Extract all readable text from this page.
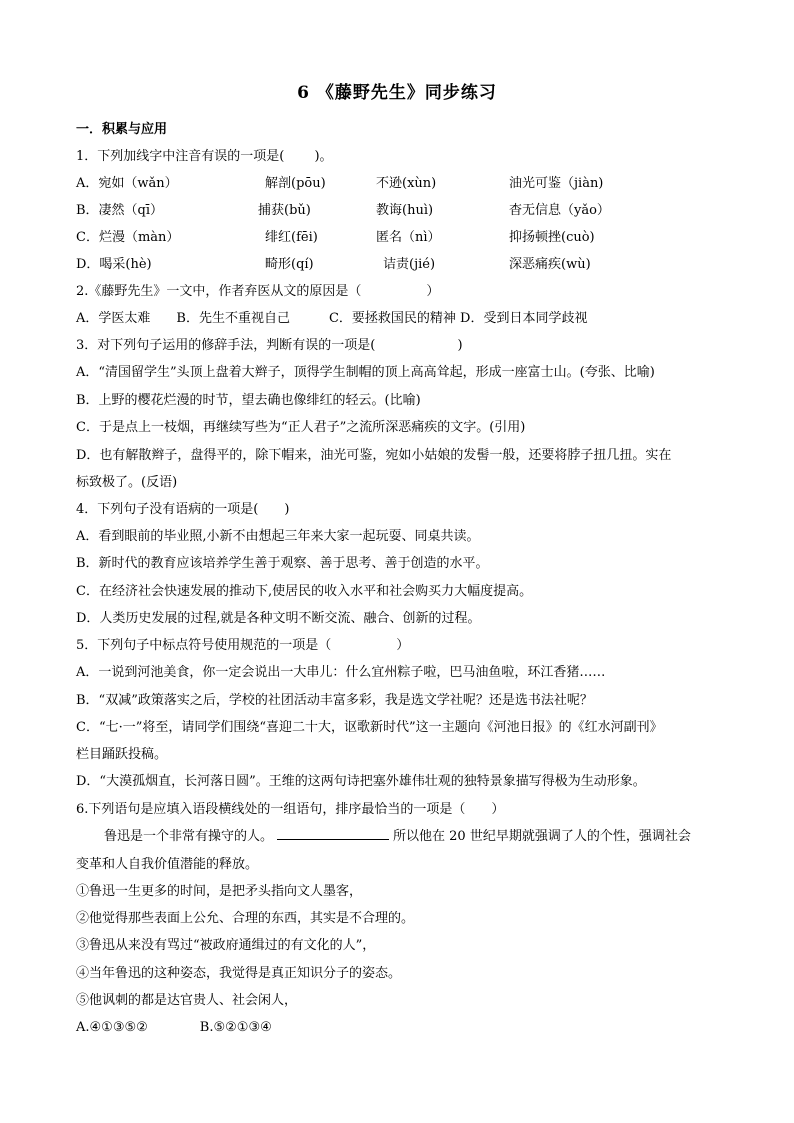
6 《藤野先生》同步练习
一．积累与应用
1．下列加线字中注音有误的一项是(　　 )。
A．宛如（wǎn）	解剖(pōu)	不逊(xùn)	油光可鉴（jiàn)
B．凄然（qī）	捕获(bǔ)	教诲(huì)	杳无信息（yǎo）
C．烂漫（màn）	绯红(fēi)	匿名（nì）	抑扬顿挫(cuò)
D．喝采(hè)	畸形(qí)	诘责(jié)	深恶痛疾(wù)
2.《藤野先生》一文中，作者弃医从文的原因是（　　　　　）
A．学医太难　　B．先生不重视自己　　　C．要拯救国民的精神 D．受到日本同学歧视
3．对下列句子运用的修辞手法，判断有误的一项是(　　　　　　 )
A．“清国留学生”头顶上盘着大辫子，顶得学生制帽的顶上高高耸起，形成一座富士山。(夸张、比喻)
B．上野的樱花烂漫的时节，望去确也像绯红的轻云。(比喻)
C．于是点上一枝烟，再继续写些为“正人君子”之流所深恶痛疾的文字。(引用)
D．也有解散辫子，盘得平的，除下帽来，油光可鉴，宛如小姑娘的发髻一般，还要将脖子扭几扭。实在
标致极了。(反语)
4．下列句子没有语病的一项是(　　)
A．看到眼前的毕业照,小新不由想起三年来大家一起玩耍、同桌共读。
B．新时代的教育应该培养学生善于观察、善于思考、善于创造的水平。
C．在经济社会快速发展的推动下,使居民的收入水平和社会购买力大幅度提高。
D．人类历史发展的过程,就是各种文明不断交流、融合、创新的过程。
5．下列句子中标点符号使用规范的一项是（　　　　　）
A．一说到河池美食，你一定会说出一大串儿：什么宜州粽子啦，巴马油鱼啦，环江香猪……
B．“双减”政策落实之后，学校的社团活动丰富多彩，我是选文学社呢？还是选书法社呢？
C．“七·一”将至，请同学们围绕“喜迎二十大，讴歌新时代”这一主题向《河池日报》的《红水河副刊》
栏目踊跃投稿。
D．“大漠孤烟直，长河落日圆”。王维的这两句诗把塞外雄伟壮观的独特景象描写得极为生动形象。
6.下列语句是应填入语段横线处的一组语句，排序最恰当的一项是（　　）
鲁迅是一个非常有操守的人。	所以他在 20 世纪早期就强调了人的个性，强调社会
变革和人自我价值潜能的释放。
①鲁迅一生更多的时间，是把矛头指向文人墨客，
②他觉得那些表面上公允、合理的东西，其实是不合理的。
③鲁迅从来没有骂过“被政府通缉过的有文化的人”，
④当年鲁迅的这种姿态，我觉得是真正知识分子的姿态。
⑤他讽刺的都是达官贵人、社会闲人，
A.④①③⑤②　　　　B.⑤②①③④
